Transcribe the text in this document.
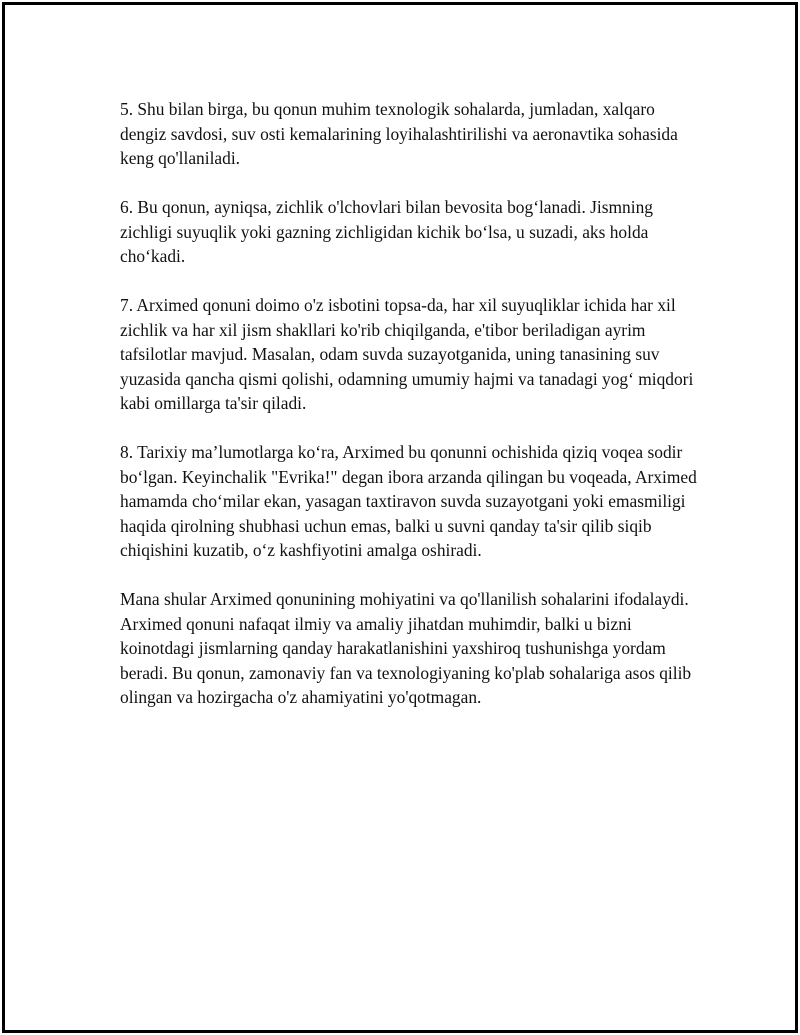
5. Shu bilan birga, bu qonun muhim texnologik sohalarda, jumladan, xalqaro dengiz savdosi, suv osti kemalarining loyihalashtirilishi va aeronavtika sohasida keng qo'llaniladi.

6. Bu qonun, ayniqsa, zichlik o'lchovlari bilan bevosita bog‘lanadi. Jismning zichligi suyuqlik yoki gazning zichligidan kichik bo‘lsa, u suzadi, aks holda cho‘kadi.

7. Arximed qonuni doimo o'z isbotini topsa-da, har xil suyuqliklar ichida har xil zichlik va har xil jism shakllari ko'rib chiqilganda, e'tibor beriladigan ayrim tafsilotlar mavjud. Masalan, odam suvda suzayotganida, uning tanasining suv yuzasida qancha qismi qolishi, odamning umumiy hajmi va tanadagi yog‘ miqdori kabi omillarga ta'sir qiladi.

8. Tarixiy ma’lumotlarga ko‘ra, Arximed bu qonunni ochishida qiziq voqea sodir bo‘lgan. Keyinchalik "Evrika!" degan ibora arzanda qilingan bu voqeada, Arximed hamamda cho‘milar ekan, yasagan taxtiravon suvda suzayotgani yoki emasmiligi haqida qirolning shubhasi uchun emas, balki u suvni qanday ta'sir qilib siqib chiqishini kuzatib, o‘z kashfiyotini amalga oshiradi.

Mana shular Arximed qonunining mohiyatini va qo'llanilish sohalarini ifodalaydi. Arximed qonuni nafaqat ilmiy va amaliy jihatdan muhimdir, balki u bizni koinotdagi jismlarning qanday harakatlanishini yaxshiroq tushunishga yordam beradi. Bu qonun, zamonaviy fan va texnologiyaning ko'plab sohalariga asos qilib olingan va hozirgacha o'z ahamiyatini yo'qotmagan.
